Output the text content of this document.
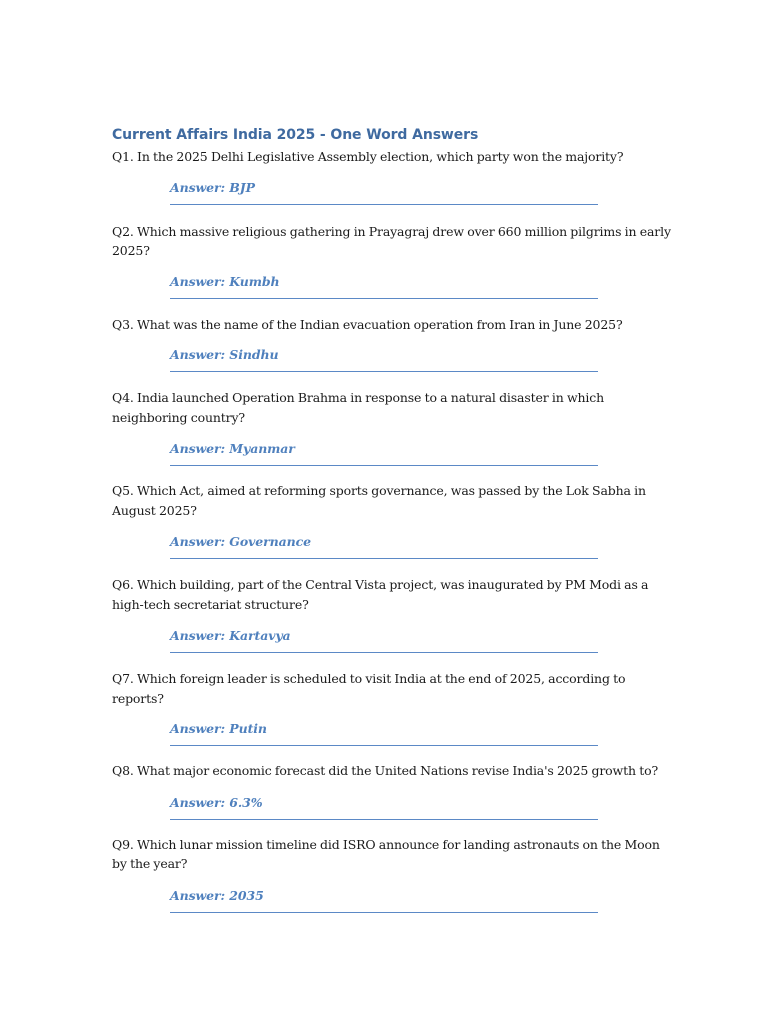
Current Affairs India 2025 - One Word Answers

Q1. In the 2025 Delhi Legislative Assembly election, which party won the majority?

Answer: BJP

Q2. Which massive religious gathering in Prayagraj drew over 660 million pilgrims in early 2025?

Answer: Kumbh

Q3. What was the name of the Indian evacuation operation from Iran in June 2025?

Answer: Sindhu

Q4. India launched Operation Brahma in response to a natural disaster in which neighboring country?

Answer: Myanmar

Q5. Which Act, aimed at reforming sports governance, was passed by the Lok Sabha in August 2025?

Answer: Governance

Q6. Which building, part of the Central Vista project, was inaugurated by PM Modi as a high-tech secretariat structure?

Answer: Kartavya

Q7. Which foreign leader is scheduled to visit India at the end of 2025, according to reports?

Answer: Putin

Q8. What major economic forecast did the United Nations revise India's 2025 growth to?

Answer: 6.3%

Q9. Which lunar mission timeline did ISRO announce for landing astronauts on the Moon by the year?

Answer: 2035
